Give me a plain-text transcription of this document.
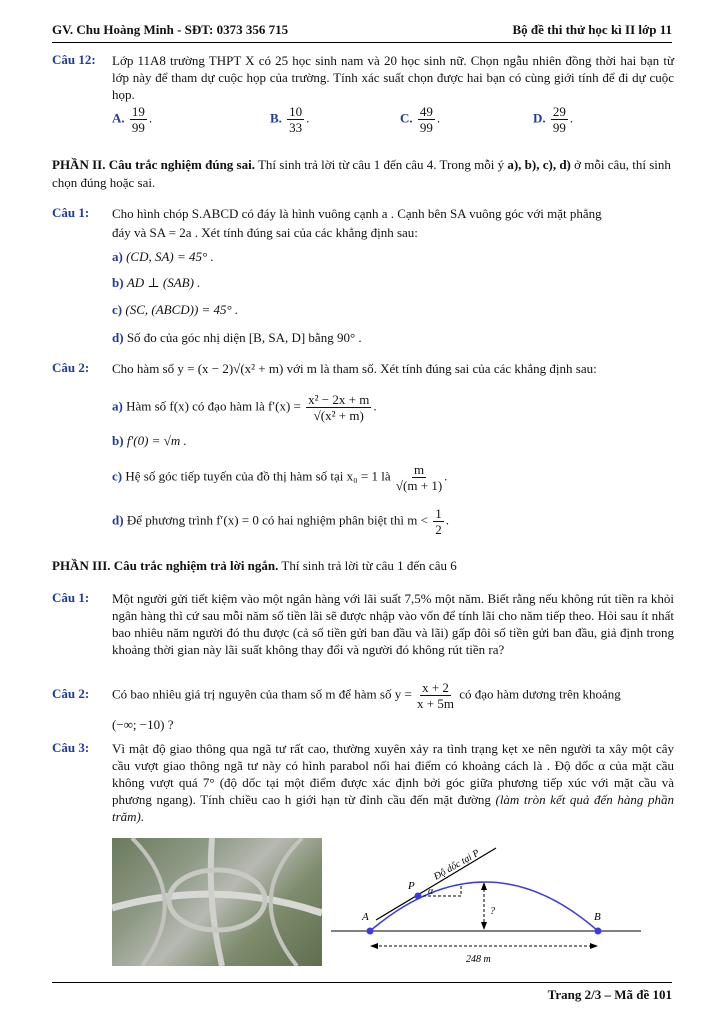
GV. Chu Hoàng Minh - SĐT: 0373 356 715	Bộ đề thi thử học kì II lớp 11
Câu 12: Lớp 11A8 trường THPT X có 25 học sinh nam và 20 học sinh nữ. Chọn ngẫu nhiên đồng thời hai bạn từ lớp này để tham dự cuộc họp của trường. Tính xác suất chọn được hai bạn có cùng giới tính để đi dự cuộc họp.
A. $\frac{19}{99}$ .	B. $\frac{10}{33}$ .	C. $\frac{49}{99}$ .	D. $\frac{29}{99}$ .
PHẦN II. Câu trắc nghiệm đúng sai. Thí sinh trả lời từ câu 1 đến câu 4. Trong mỗi ý a), b), c), d) ở mỗi câu, thí sinh chọn đúng hoặc sai.
Câu 1: Cho hình chóp S.ABCD có đáy là hình vuông cạnh a . Cạnh bên SA vuông góc với mặt phẳng
đáy và SA = 2a . Xét tính đúng sai của các khẳng định sau:
a) (CD, SA) = 45° .
b) AD ⊥ (SAB) .
c) (SC, (ABCD)) = 45° .
d) Số đo của góc nhị diện [B, SA, D] bằng 90° .
Câu 2: Cho hàm số y = (x − 2)√(x² + m) với m là tham số. Xét tính đúng sai của các khẳng định sau:
a) Hàm số f(x) có đạo hàm là $f'(x) = \frac{\text{x² − 2x + m}}{\text{√(x² + m)}}$ .
b) f′(0) = √m .
c) Hệ số góc tiếp tuyến của đồ thị hàm số tại x₀ = 1 là $\frac{m}{√(m + 1)}$ .
d) Để phương trình f′(x) = 0 có hai nghiệm phân biệt thì $m < \frac{1}{2}$ .
PHẦN III. Câu trắc nghiệm trả lời ngắn. Thí sinh trả lời từ câu 1 đến câu 6
Câu 1: Một người gửi tiết kiệm vào một ngân hàng với lãi suất 7,5% một năm. Biết rằng nếu không rút tiền ra khỏi ngân hàng thì cứ sau mỗi năm số tiền lãi sẽ được nhập vào vốn để tính lãi cho năm tiếp theo. Hỏi sau ít nhất bao nhiêu năm người đó thu được (cả số tiền gửi ban đầu và lãi) gấp đôi số tiền gửi ban đầu, giả định trong khoảng thời gian này lãi suất không thay đổi và người đó không rút tiền ra?
Câu 2: Có bao nhiêu giá trị nguyên của tham số m để hàm số $y = \frac{x + 2}{x + 5m}$ có đạo hàm dương trên khoảng
(−∞; −10) ?
Câu 3: Vì mật độ giao thông qua ngã tư rất cao, thường xuyên xảy ra tình trạng kẹt xe nên người ta xây một cây cầu vượt giao thông ngã tư này có hình parabol nối hai điểm có khoảng cách là . Độ dốc α của mặt cầu không vượt quá 7° (độ dốc tại một điểm được xác định bởi góc giữa phương tiếp xúc với mặt cầu và phương ngang). Tính chiều cao h giới hạn từ đỉnh cầu đến mặt đường (làm tròn kết quả đến hàng phần trăm).
A	B
P α
?
Độ dốc tại P
248 m
Trang 2/3 – Mã đề 101
